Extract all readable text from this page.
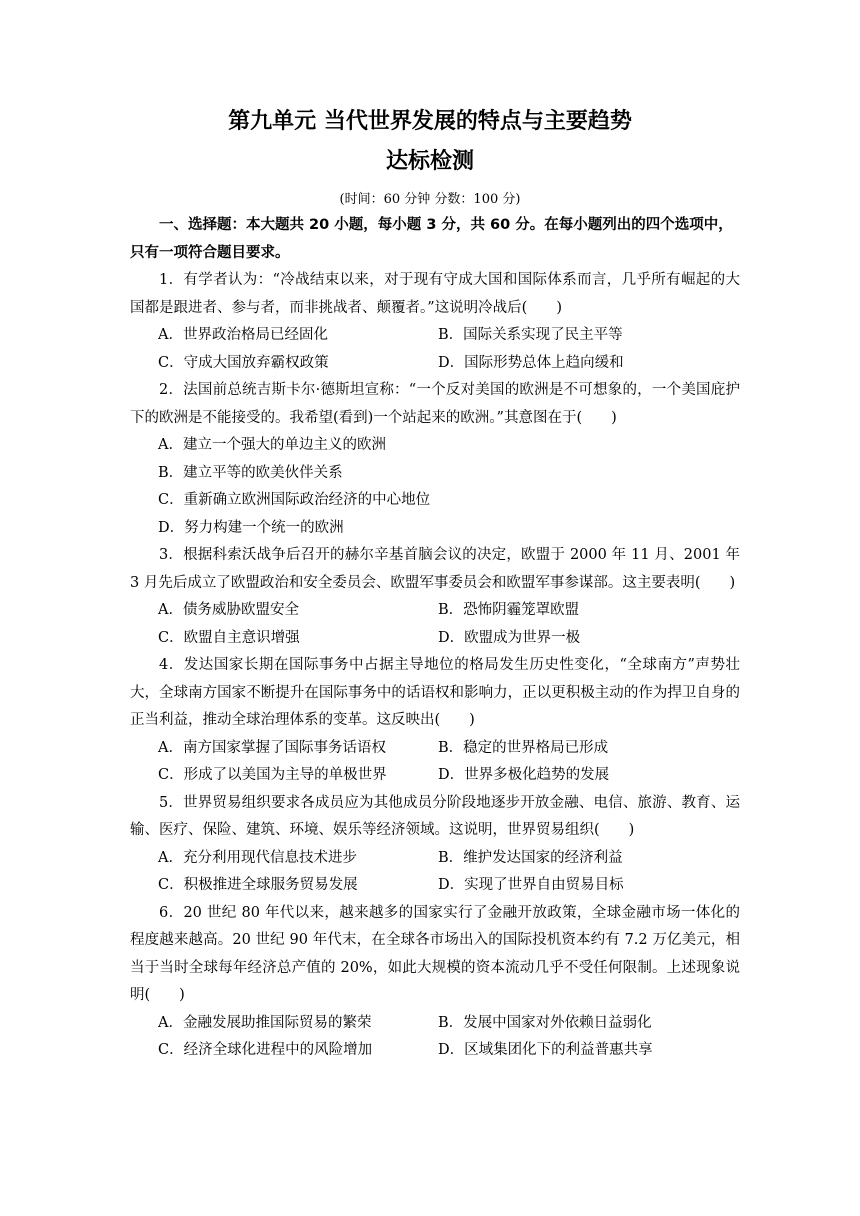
第九单元 当代世界发展的特点与主要趋势
达标检测
(时间：60 分钟 分数：100 分)

一、选择题：本大题共 20 小题，每小题 3 分，共 60 分。在每小题列出的四个选项中，只有一项符合题目要求。

1．有学者认为：“冷战结束以来，对于现有守成大国和国际体系而言，几乎所有崛起的大国都是跟进者、参与者，而非挑战者、颠覆者。”这说明冷战后(　　)

A．世界政治格局已经固化	B．国际关系实现了民主平等
C．守成大国放弃霸权政策	D．国际形势总体上趋向缓和

2．法国前总统吉斯卡尔·德斯坦宣称：“一个反对美国的欧洲是不可想象的，一个美国庇护下的欧洲是不能接受的。我希望(看到)一个站起来的欧洲。”其意图在于(　　)

A．建立一个强大的单边主义的欧洲
B．建立平等的欧美伙伴关系
C．重新确立欧洲国际政治经济的中心地位
D．努力构建一个统一的欧洲

3．根据科索沃战争后召开的赫尔辛基首脑会议的决定，欧盟于 2000 年 11 月、2001 年 3 月先后成立了欧盟政治和安全委员会、欧盟军事委员会和欧盟军事参谋部。这主要表明(　　)

A．债务威胁欧盟安全	B．恐怖阴霾笼罩欧盟
C．欧盟自主意识增强	D．欧盟成为世界一极

4．发达国家长期在国际事务中占据主导地位的格局发生历史性变化，“全球南方”声势壮大，全球南方国家不断提升在国际事务中的话语权和影响力，正以更积极主动的作为捍卫自身的正当利益，推动全球治理体系的变革。这反映出(　　)

A．南方国家掌握了国际事务话语权	B．稳定的世界格局已形成
C．形成了以美国为主导的单极世界	D．世界多极化趋势的发展

5．世界贸易组织要求各成员应为其他成员分阶段地逐步开放金融、电信、旅游、教育、运输、医疗、保险、建筑、环境、娱乐等经济领域。这说明，世界贸易组织(　　)

A．充分利用现代信息技术进步	B．维护发达国家的经济利益
C．积极推进全球服务贸易发展	D．实现了世界自由贸易目标

6．20 世纪 80 年代以来，越来越多的国家实行了金融开放政策，全球金融市场一体化的程度越来越高。20 世纪 90 年代末，在全球各市场出入的国际投机资本约有 7.2 万亿美元，相当于当时全球每年经济总产值的 20%，如此大规模的资本流动几乎不受任何限制。上述现象说明(　　)

A．金融发展助推国际贸易的繁荣	B．发展中国家对外依赖日益弱化
C．经济全球化进程中的风险增加	D．区域集团化下的利益普惠共享
